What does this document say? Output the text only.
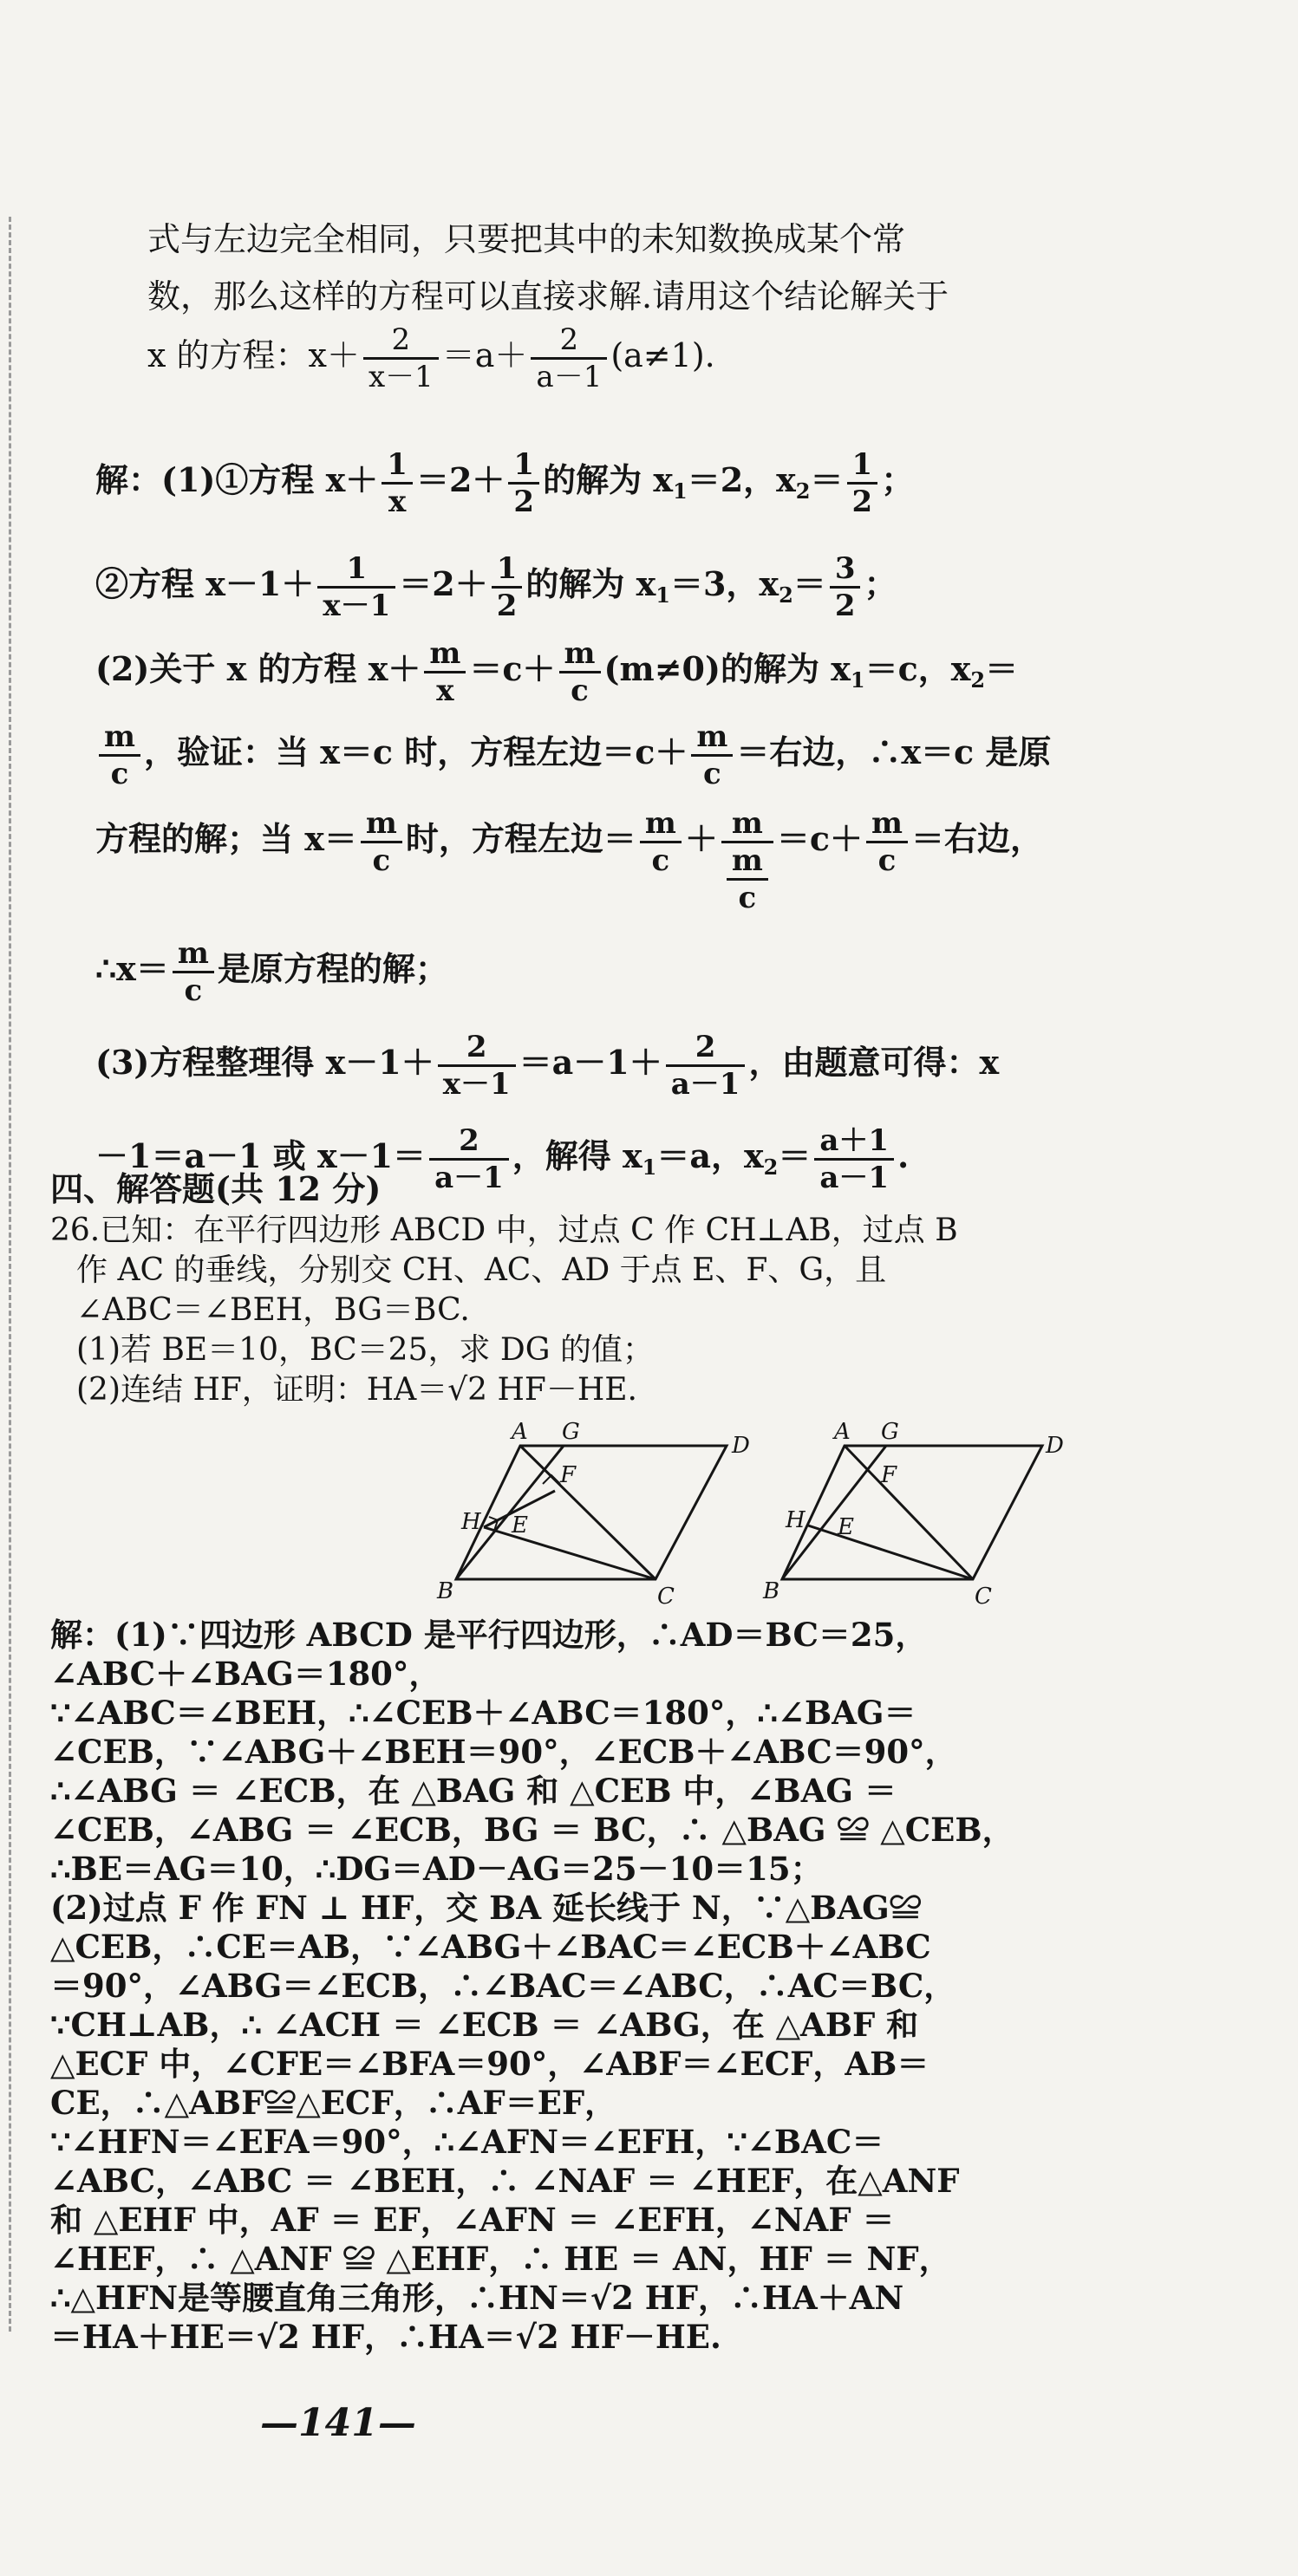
式与左边完全相同，只要把其中的未知数换成某个常
数，那么这样的方程可以直接求解.请用这个结论解关于
x 的方程：$x+ \frac{2}{x-1} =a+ \frac{2}{a-1} (a\ne 1)$.
解：(1)①方程 $x+ \frac{1}{x} =2+ \frac{1}{2}$ 的解为 $x_1=2$，$x_2= \frac{1}{2}$ ；
②方程 $x-1+ \frac{1}{x-1} =2+ \frac{1}{2}$ 的解为 $x_1=3$，$x_2= \frac{3}{2}$ ；
(2)关于 x 的方程 $x+ \frac{m}{x} =c+ \frac{m}{c} (m\ne 0)$的解为 $x_1=c$，$x_2=$
$\frac{m}{c}$ ，验证：当 x＝c 时，方程左边$=c+ \frac{m}{c}$ ＝右边，∴x＝c 是原
方程的解；当 $x= \frac{m}{c}$ 时，方程左边＝ $\frac{m}{c} + \frac{m}{\frac{m}{c}} =c+ \frac{m}{c}$ ＝右边，
∴x＝ $\frac{m}{c}$ 是原方程的解；
(3)方程整理得 $x-1+ \frac{2}{x-1} =a-1+ \frac{2}{a-1}$ ，由题意可得：x
－1＝a－1 或 $x-1= \frac{2}{a-1}$ ，解得 $x_1=a$，$x_2= \frac{a+1}{a-1}$ .
四、解答题(共 12 分)
26.已知：在平行四边形 ABCD 中，过点 C 作 CH⊥AB，过点 B
作 AC 的垂线，分别交 CH、AC、AD 于点 E、F、G，且
∠ABC＝∠BEH，BG＝BC.
(1)若 BE＝10，BC＝25，求 DG 的值；
(2)连结 HF，证明：HA＝√2 HF－HE.
A G
D
F
H E
B	C
A G
D
F
H E
B	C
解：(1)∵四边形 ABCD 是平行四边形，∴AD＝BC＝25，
∠ABC＋∠BAG＝180°，
∵∠ABC＝∠BEH，∴∠CEB＋∠ABC＝180°，∴∠BAG＝
∠CEB，∵∠ABG＋∠BEH＝90°，∠ECB＋∠ABC＝90°，
∴∠ABG ＝ ∠ECB，在 △BAG 和 △CEB 中，∠BAG ＝
∠CEB，∠ABG ＝ ∠ECB，BG ＝ BC，∴ △BAG ≌ △CEB，
∴BE＝AG＝10，∴DG＝AD－AG＝25－10＝15；
(2)过点 F 作 FN ⊥ HF，交 BA 延长线于 N，∵△BAG≌
△CEB，∴CE＝AB，∵∠ABG＋∠BAC＝∠ECB＋∠ABC
＝90°，∠ABG＝∠ECB，∴∠BAC＝∠ABC，∴AC＝BC，
∵CH⊥AB，∴ ∠ACH ＝ ∠ECB ＝ ∠ABG，在 △ABF 和
△ECF 中，∠CFE＝∠BFA＝90°，∠ABF＝∠ECF，AB＝
CE，∴△ABF≌△ECF，∴AF＝EF，
∵∠HFN＝∠EFA＝90°，∴∠AFN＝∠EFH，∵∠BAC＝
∠ABC，∠ABC ＝ ∠BEH，∴ ∠NAF ＝ ∠HEF，在△ANF
和 △EHF 中，AF ＝ EF，∠AFN ＝ ∠EFH，∠NAF ＝
∠HEF，∴ △ANF ≌ △EHF，∴ HE ＝ AN，HF ＝ NF，
∴△HFN是等腰直角三角形，∴HN＝√2 HF，∴HA＋AN
＝HA＋HE＝√2 HF，∴HA＝√2 HF－HE.
—141—
